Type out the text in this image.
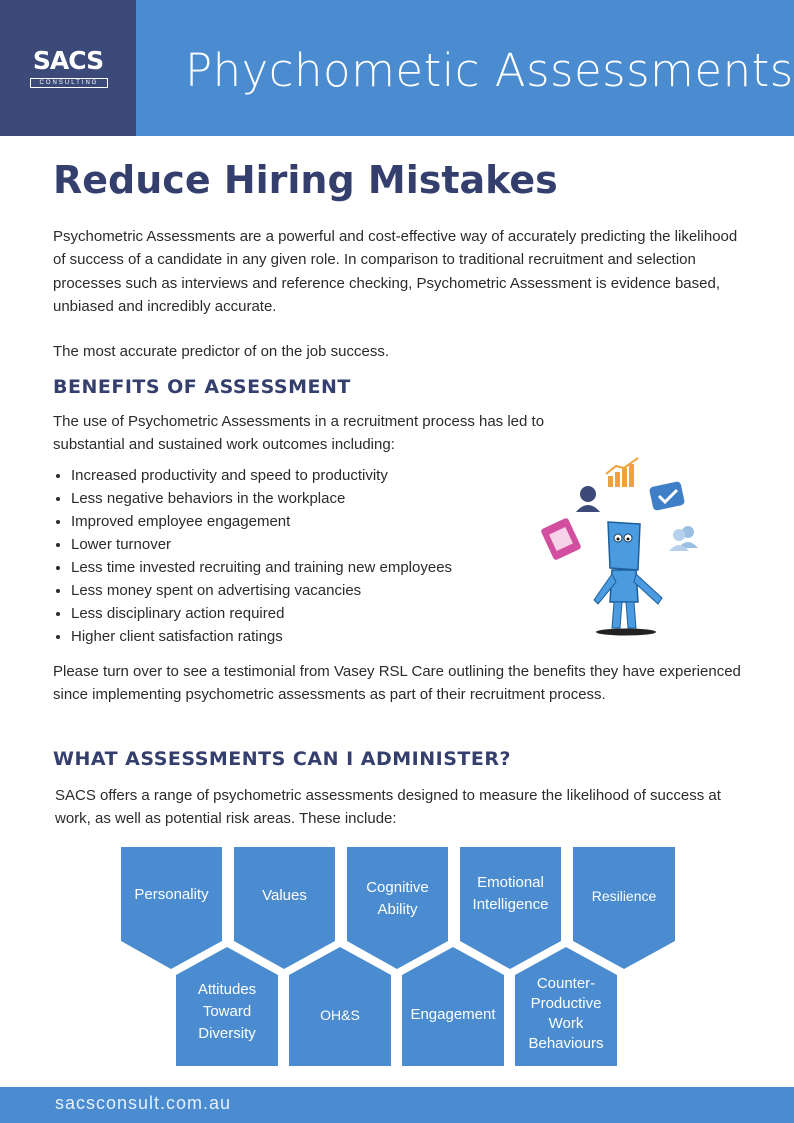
SACS
CONSULTING Phychometic Assessments
Reduce Hiring Mistakes

Psychometric Assessments are a powerful and cost-effective way of accurately predicting the likelihood of success of a candidate in any given role. In comparison to traditional recruitment and selection processes such as interviews and reference checking, Psychometric Assessment is evidence based, unbiased and incredibly accurate.

The most accurate predictor of on the job success.

BENEFITS OF ASSESSMENT

The use of Psychometric Assessments in a recruitment process has led to substantial and sustained work outcomes including:

• Increased productivity and speed to productivity
• Less negative behaviors in the workplace
• Improved employee engagement
• Lower turnover
• Less time invested recruiting and training new employees
• Less money spent on advertising vacancies
• Less disciplinary action required
• Higher client satisfaction ratings

Please turn over to see a testimonial from Vasey RSL Care outlining the benefits they have experienced since implementing psychometric assessments as part of their recruitment process.

WHAT ASSESSMENTS CAN I ADMINISTER?

SACS offers a range of psychometric assessments designed to measure the likelihood of success at work, as well as potential risk areas. These include:

Personality	Values	Cognitive Ability
Emotional Intelligence	Resilience
Attitudes Toward Diversity
OH&S	Engagement
Counter-Productive Work Behaviours
sacsconsult.com.au
